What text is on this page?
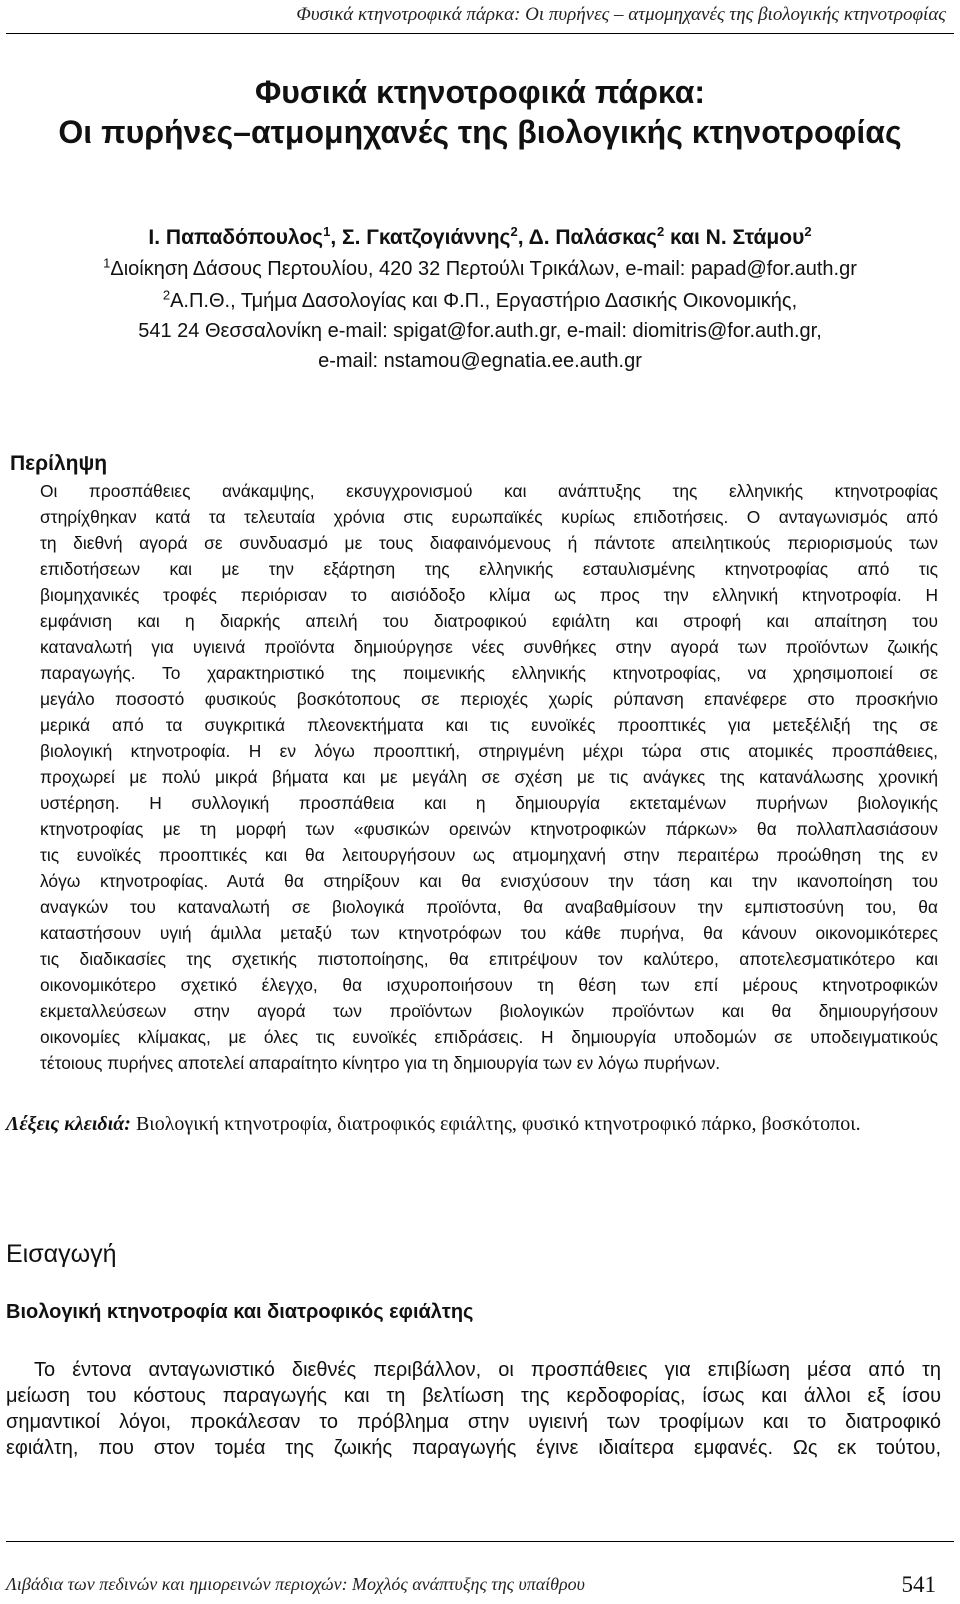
Φυσικά κτηνοτροφικά πάρκα: Οι πυρήνες – ατμομηχανές της βιολογικής κτηνοτροφίας
Φυσικά κτηνοτροφικά πάρκα:
Οι πυρήνες–ατμομηχανές της βιολογικής κτηνοτροφίας
Ι. Παπαδόπουλος$^1$, Σ. Γκατζογιάννης$^2$, Δ. Παλάσκας$^2$ και Ν. Στάμου$^2$
$^1$Διοίκηση Δάσους Περτουλίου, 420 32 Περτούλι Τρικάλων, e-mail: papad@for.auth.gr
$^2$Α.Π.Θ., Τμήμα Δασολογίας και Φ.Π., Εργαστήριο Δασικής Οικονομικής,
541 24 Θεσσαλονίκη e-mail: spigat@for.auth.gr, e-mail: diomitris@for.auth.gr,
e-mail: nstamou@egnatia.ee.auth.gr
Περίληψη
Οι προσπάθειες ανάκαμψης, εκσυγχρονισμού και ανάπτυξης της ελληνικής κτηνοτροφίας
στηρίχθηκαν κατά τα τελευταία χρόνια στις ευρωπαϊκές κυρίως επιδοτήσεις. Ο ανταγωνισμός από
τη διεθνή αγορά σε συνδυασμό με τους διαφαινόμενους ή πάντοτε απειλητικούς περιορισμούς των
επιδοτήσεων και με την εξάρτηση της ελληνικής εσταυλισμένης κτηνοτροφίας από τις
βιομηχανικές τροφές περιόρισαν το αισιόδοξο κλίμα ως προς την ελληνική κτηνοτροφία. Η
εμφάνιση και η διαρκής απειλή του διατροφικού εφιάλτη και στροφή και απαίτηση του
καταναλωτή για υγιεινά προϊόντα δημιούργησε νέες συνθήκες στην αγορά των προϊόντων ζωικής
παραγωγής. Το χαρακτηριστικό της ποιμενικής ελληνικής κτηνοτροφίας, να χρησιμοποιεί σε
μεγάλο ποσοστό φυσικούς βοσκότοπους σε περιοχές χωρίς ρύπανση επανέφερε στο προσκήνιο
μερικά από τα συγκριτικά πλεονεκτήματα και τις ευνοϊκές προοπτικές για μετεξέλιξή της σε
βιολογική κτηνοτροφία. Η εν λόγω προοπτική, στηριγμένη μέχρι τώρα στις ατομικές προσπάθειες,
προχωρεί με πολύ μικρά βήματα και με μεγάλη σε σχέση με τις ανάγκες της κατανάλωσης χρονική
υστέρηση. Η συλλογική προσπάθεια και η δημιουργία εκτεταμένων πυρήνων βιολογικής
κτηνοτροφίας με τη μορφή των «φυσικών ορεινών κτηνοτροφικών πάρκων» θα πολλαπλασιάσουν
τις ευνοϊκές προοπτικές και θα λειτουργήσουν ως ατμομηχανή στην περαιτέρω προώθηση της εν
λόγω κτηνοτροφίας. Αυτά θα στηρίξουν και θα ενισχύσουν την τάση και την ικανοποίηση του
αναγκών του καταναλωτή σε βιολογικά προϊόντα, θα αναβαθμίσουν την εμπιστοσύνη του, θα
καταστήσουν υγιή άμιλλα μεταξύ των κτηνοτρόφων του κάθε πυρήνα, θα κάνουν οικονομικότερες
τις διαδικασίες της σχετικής πιστοποίησης, θα επιτρέψουν τον καλύτερο, αποτελεσματικότερο και
οικονομικότερο σχετικό έλεγχο, θα ισχυροποιήσουν τη θέση των επί μέρους κτηνοτροφικών
εκμεταλλεύσεων στην αγορά των προϊόντων βιολογικών προϊόντων και θα δημιουργήσουν
οικονομίες κλίμακας, με όλες τις ευνοϊκές επιδράσεις. Η δημιουργία υποδομών σε υποδειγματικούς
τέτοιους πυρήνες αποτελεί απαραίτητο κίνητρο για τη δημιουργία των εν λόγω πυρήνων.
Λέξεις κλειδιά: Βιολογική κτηνοτροφία, διατροφικός εφιάλτης, φυσικό κτηνοτροφικό πάρκο, βοσκότοποι.
Εισαγωγή
Βιολογική κτηνοτροφία και διατροφικός εφιάλτης
Το έντονα ανταγωνιστικό διεθνές περιβάλλον, οι προσπάθειες για επιβίωση μέσα από τη
μείωση του κόστους παραγωγής και τη βελτίωση της κερδοφορίας, ίσως και άλλοι εξ ίσου
σημαντικοί λόγοι, προκάλεσαν το πρόβλημα στην υγιεινή των τροφίμων και το διατροφικό
εφιάλτη, που στον τομέα της ζωικής παραγωγής έγινε ιδιαίτερα εμφανές. Ως εκ τούτου,
Λιβάδια των πεδινών και ημιορεινών περιοχών: Μοχλός ανάπτυξης της υπαίθρου	541
